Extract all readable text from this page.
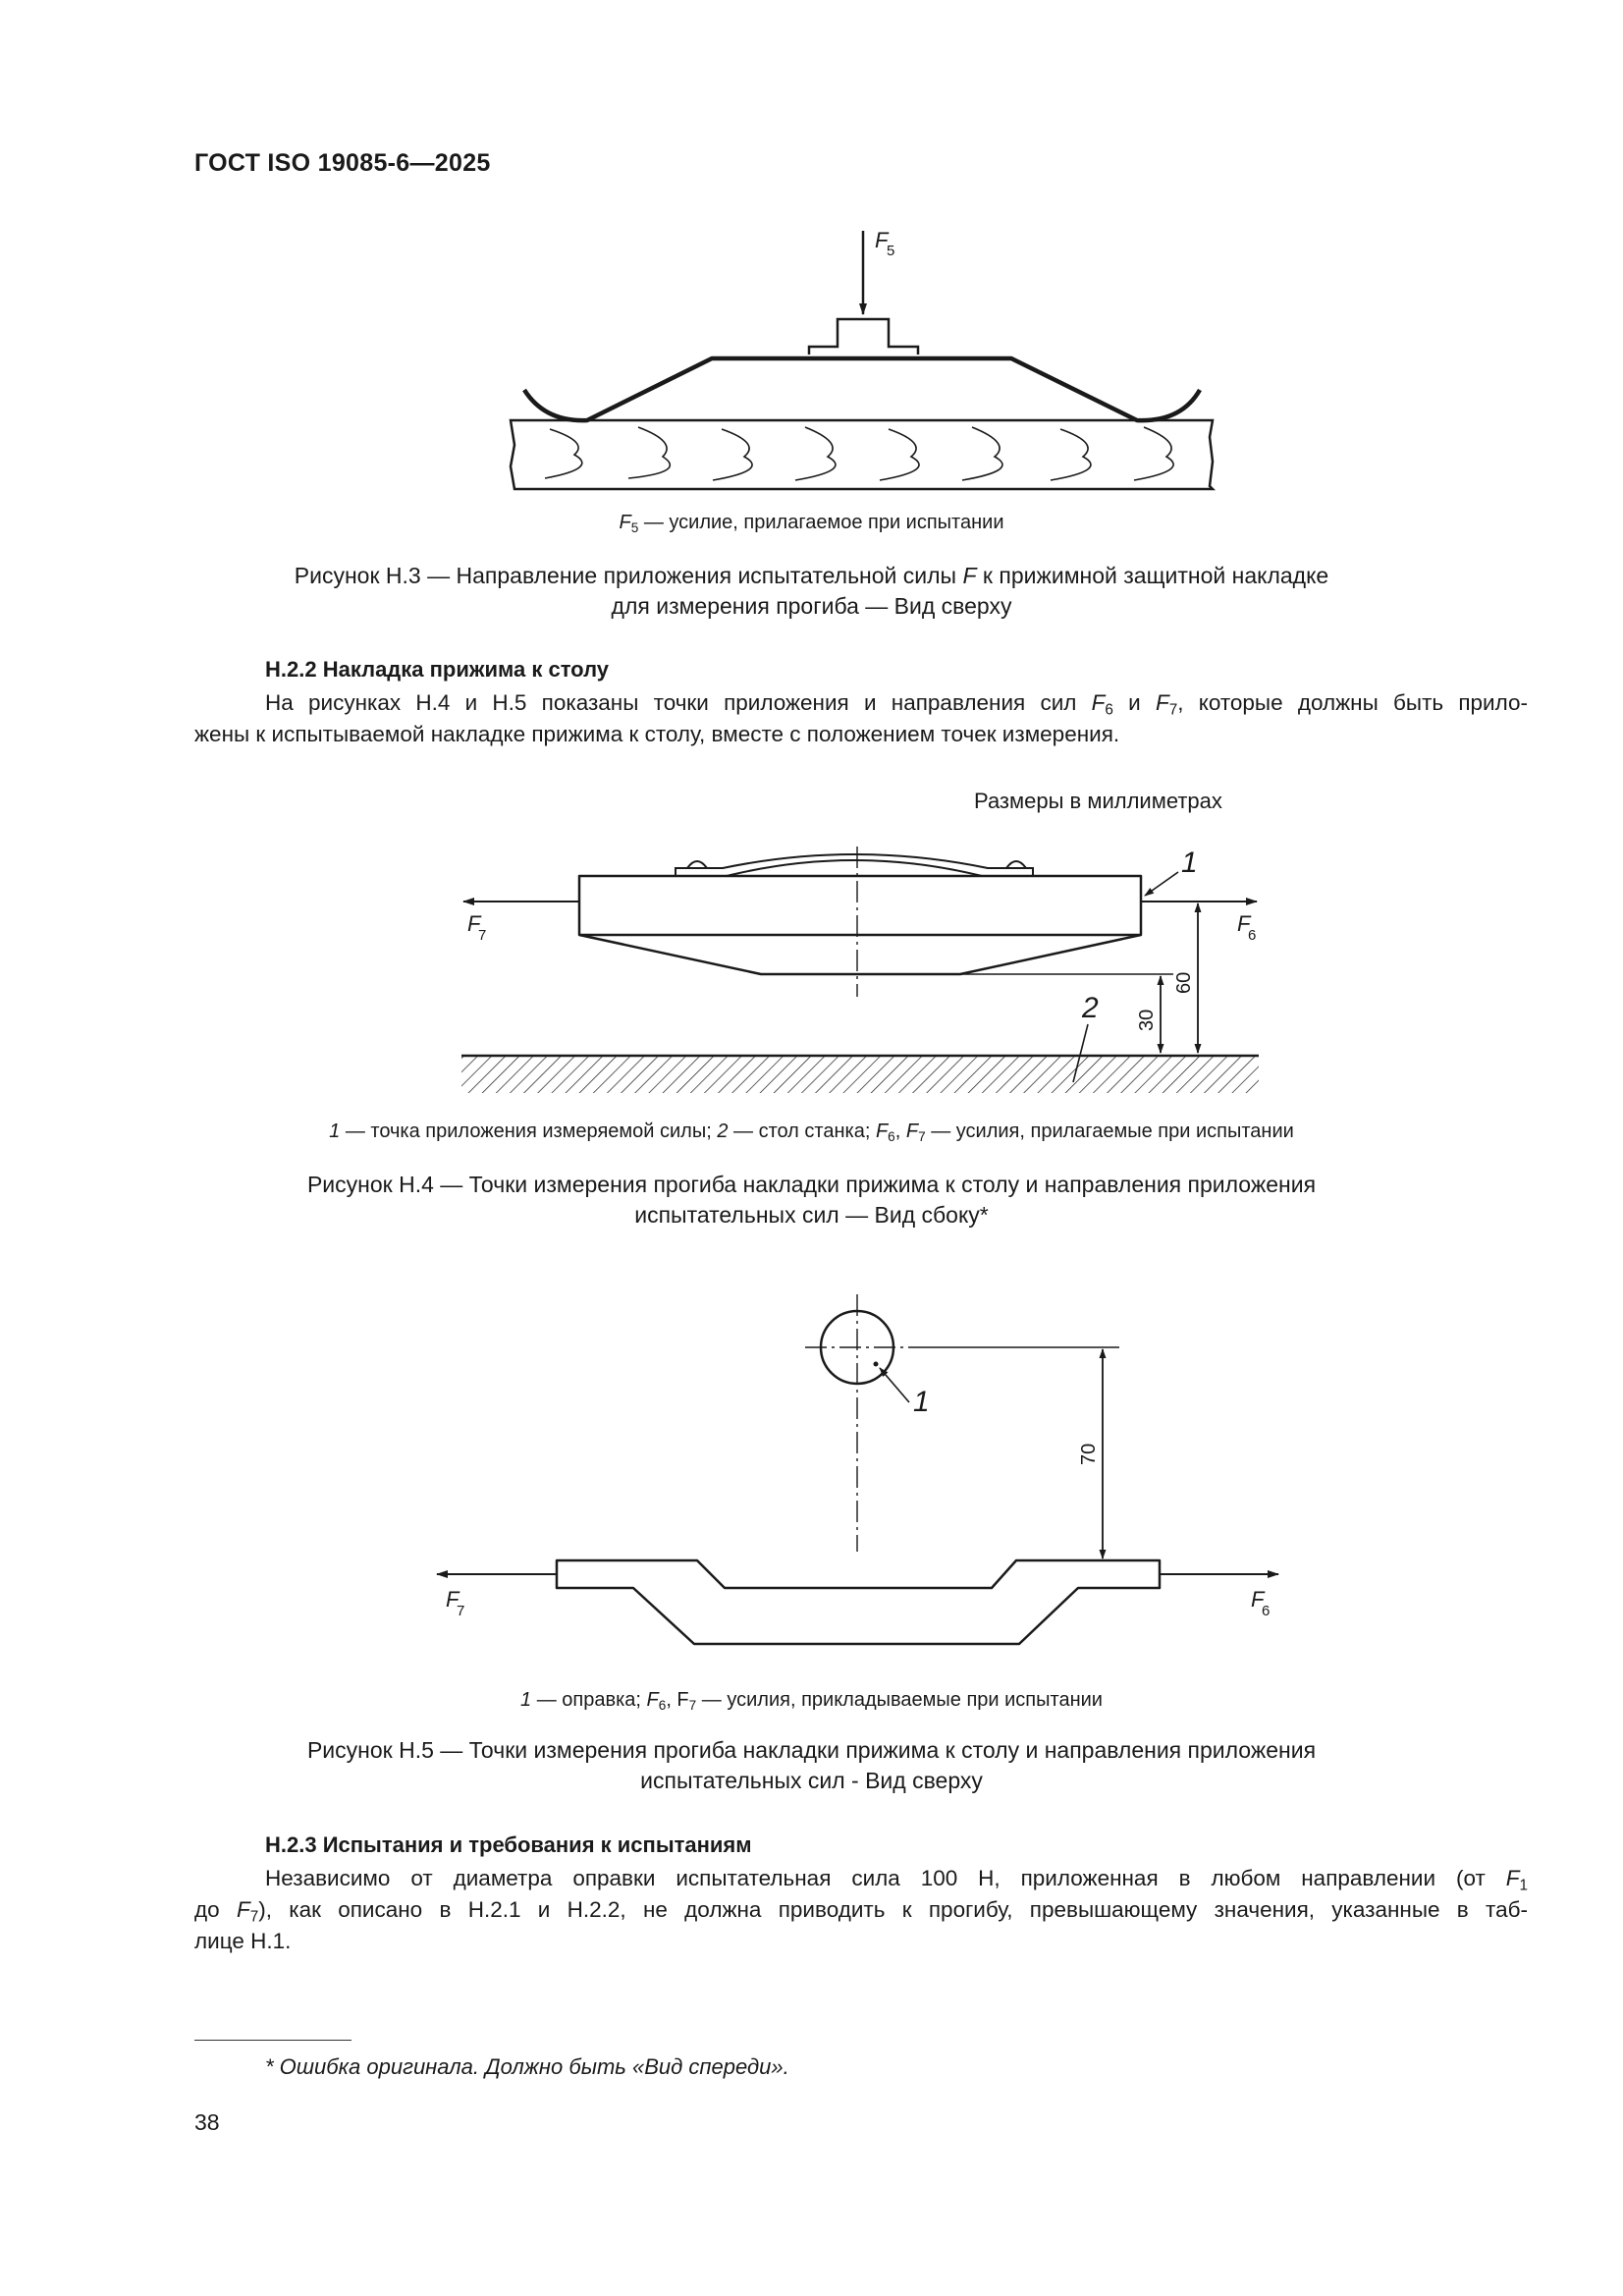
ГОСТ ISO 19085-6—2025
F
5
$F_5$ — усилие, прилагаемое при испытании
Рисунок Н.3 — Направление приложения испытательной силы F к прижимной защитной накладке
для измерения прогиба — Вид сверху
Н.2.2 Накладка прижима к столу
На рисунках Н.4 и Н.5 показаны точки приложения и направления сил $F_6$ и $F_7$, которые должны быть прило-
жены к испытываемой накладке прижима к столу, вместе с положением точек измерения.
Размеры в миллиметрах
F
7	F
6
1
60
30
2
1 — точка приложения измеряемой силы; 2 — стол станка; $F_6$, $F_7$ — усилия, прилагаемые при испытании
Рисунок Н.4 — Точки измерения прогиба накладки прижима к столу и направления приложения
испытательных сил — Вид сбоку*
70
1
F
7	F
6
1 — оправка; $F_6$, $F_7$ — усилия, прикладываемые при испытании
Рисунок Н.5 — Точки измерения прогиба накладки прижима к столу и направления приложения
испытательных сил - Вид сверху
Н.2.3 Испытания и требования к испытаниям
Независимо от диаметра оправки испытательная сила 100 Н, приложенная в любом направлении (от $F_1$
до $F_7$), как описано в Н.2.1 и Н.2.2, не должна приводить к прогибу, превышающему значения, указанные в таб-
лице Н.1.
* Ошибка оригинала. Должно быть «Вид спереди».
38
